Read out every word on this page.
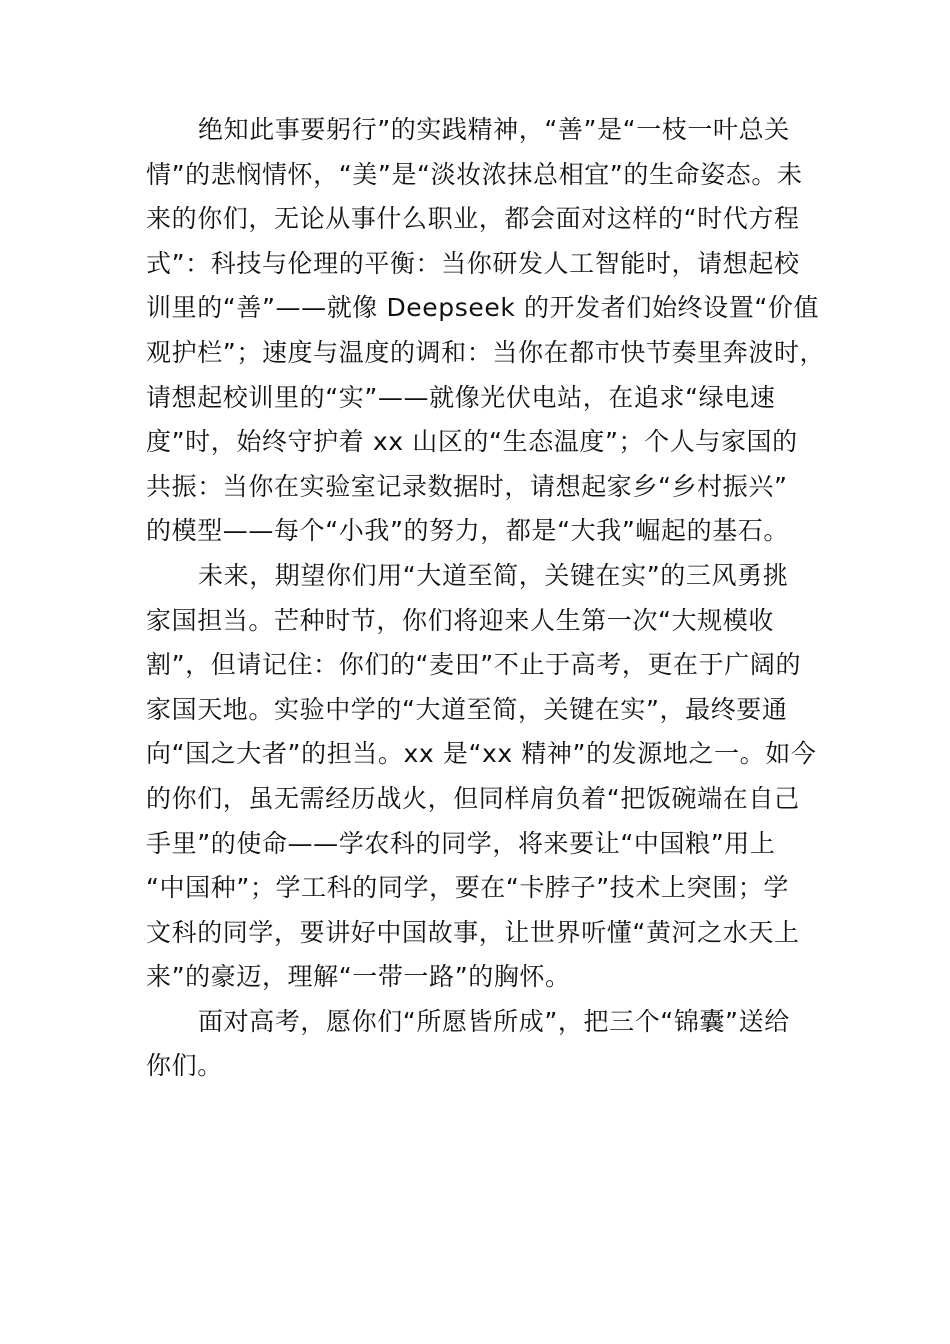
绝知此事要躬行”的实践精神，“善”是“一枝一叶总关
情”的悲悯情怀，“美”是“淡妆浓抹总相宜”的生命姿态。未
来的你们，无论从事什么职业，都会面对这样的“时代方程
式”：科技与伦理的平衡：当你研发人工智能时，请想起校
训里的“善”——就像 Deepseek 的开发者们始终设置“价值
观护栏”；速度与温度的调和：当你在都市快节奏里奔波时，
请想起校训里的“实”——就像光伏电站，在追求“绿电速
度”时，始终守护着 xx 山区的“生态温度”；个人与家国的
共振：当你在实验室记录数据时，请想起家乡“乡村振兴”
的模型——每个“小我”的努力，都是“大我”崛起的基石。
未来，期望你们用“大道至简，关键在实”的三风勇挑
家国担当。芒种时节，你们将迎来人生第一次“大规模收
割”，但请记住：你们的“麦田”不止于高考，更在于广阔的
家国天地。实验中学的“大道至简，关键在实”，最终要通
向“国之大者”的担当。xx 是“xx 精神”的发源地之一。如今
的你们，虽无需经历战火，但同样肩负着“把饭碗端在自己
手里”的使命——学农科的同学，将来要让“中国粮”用上
“中国种”；学工科的同学，要在“卡脖子”技术上突围；学
文科的同学，要讲好中国故事，让世界听懂“黄河之水天上
来”的豪迈，理解“一带一路”的胸怀。
面对高考，愿你们“所愿皆所成”，把三个“锦囊”送给
你们。
